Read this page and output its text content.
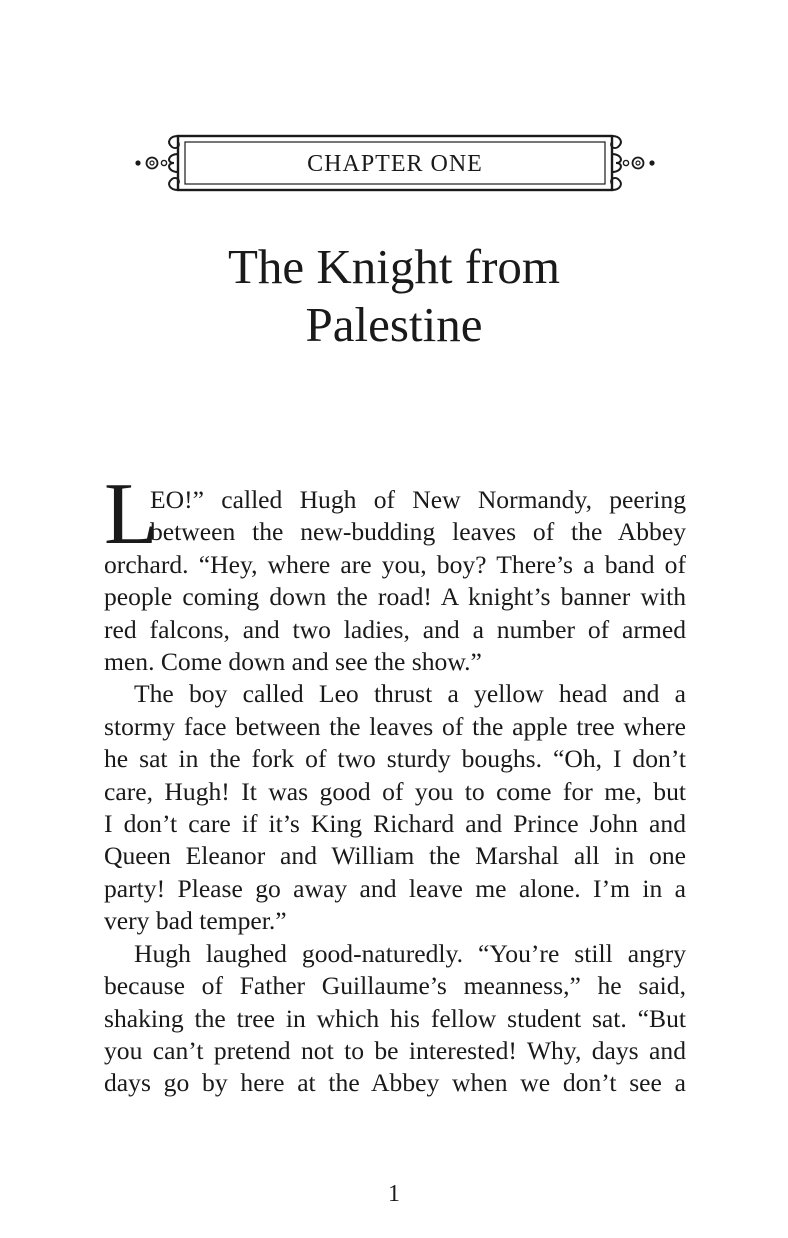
CHAPTER ONE
The Knight from
Palestine
L

EO!” called Hugh of New Normandy, peering
between the new-budding leaves of the Abbey
orchard. “Hey, where are you, boy? There’s a band of
people coming down the road! A knight’s banner with
red falcons, and two ladies, and a number of armed
men. Come down and see the show.”

The boy called Leo thrust a yellow head and a
stormy face between the leaves of the apple tree where
he sat in the fork of two sturdy boughs. “Oh, I don’t
care, Hugh! It was good of you to come for me, but
I don’t care if it’s King Richard and Prince John and
Queen Eleanor and William the Marshal all in one
party! Please go away and leave me alone. I’m in a
very bad temper.”

Hugh laughed good-naturedly. “You’re still angry
because of Father Guillaume’s meanness,” he said,
shaking the tree in which his fellow student sat. “But
you can’t pretend not to be interested! Why, days and
days go by here at the Abbey when we don’t see a

1
